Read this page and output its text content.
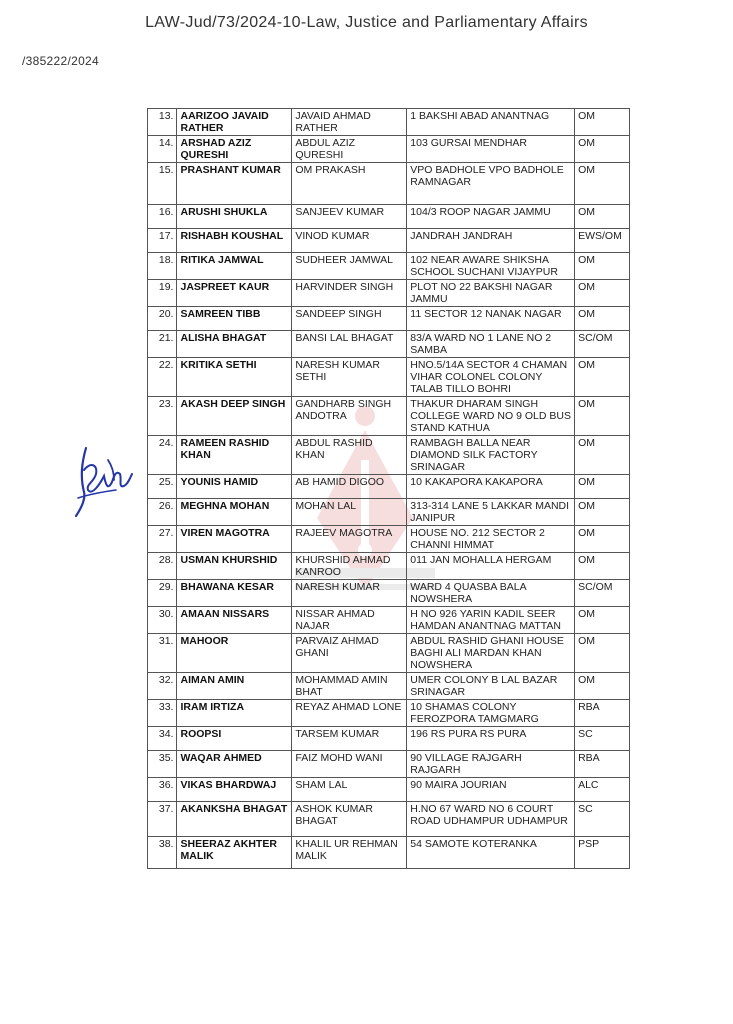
LAW-Jud/73/2024-10-Law, Justice and Parliamentary Affairs
/385222/2024
13.	AARIZOO JAVAID RATHER	JAVAID AHMAD RATHER	1 BAKSHI ABAD ANANTNAG	OM
14.	ARSHAD AZIZ QURESHI	ABDUL AZIZ QURESHI	103 GURSAI MENDHAR	OM
15.	PRASHANT KUMAR	OM PRAKASH	VPO BADHOLE VPO BADHOLE RAMNAGAR	OM
16.	ARUSHI SHUKLA	SANJEEV KUMAR	104/3 ROOP NAGAR JAMMU	OM
17.	RISHABH KOUSHAL	VINOD KUMAR	JANDRAH JANDRAH	EWS/OM
18.	RITIKA JAMWAL	SUDHEER JAMWAL	102 NEAR AWARE SHIKSHA SCHOOL SUCHANI VIJAYPUR	OM
19.	JASPREET KAUR	HARVINDER SINGH	PLOT NO 22 BAKSHI NAGAR JAMMU	OM
20.	SAMREEN TIBB	SANDEEP SINGH	11 SECTOR 12 NANAK NAGAR	OM
21.	ALISHA BHAGAT	BANSI LAL BHAGAT	83/A WARD NO 1 LANE NO 2 SAMBA	SC/OM
22.	KRITIKA SETHI	NARESH KUMAR SETHI	HNO.5/14A SECTOR 4 CHAMAN VIHAR COLONEL COLONY TALAB TILLO BOHRI	OM
23.	AKASH DEEP SINGH	GANDHARB SINGH ANDOTRA	THAKUR DHARAM SINGH COLLEGE WARD NO 9 OLD BUS STAND KATHUA	OM
24.	RAMEEN RASHID KHAN	ABDUL RASHID KHAN	RAMBAGH BALLA NEAR DIAMOND SILK FACTORY SRINAGAR	OM
25.	YOUNIS HAMID	AB HAMID DIGOO	10 KAKAPORA KAKAPORA	OM
26.	MEGHNA MOHAN	MOHAN LAL	313-314 LANE 5 LAKKAR MANDI JANIPUR	OM
27.	VIREN MAGOTRA	RAJEEV MAGOTRA	HOUSE NO. 212 SECTOR 2 CHANNI HIMMAT	OM
28.	USMAN KHURSHID	KHURSHID AHMAD KANROO	011 JAN MOHALLA HERGAM	OM
29.	BHAWANA KESAR	NARESH KUMAR	WARD 4 QUASBA BALA NOWSHERA	SC/OM
30.	AMAAN NISSARS	NISSAR AHMAD NAJAR	H NO 926 YARIN KADIL SEER HAMDAN ANANTNAG MATTAN	OM
31.	MAHOOR	PARVAIZ AHMAD GHANI	ABDUL RASHID GHANI HOUSE BAGHI ALI MARDAN KHAN NOWSHERA	OM
32.	AIMAN AMIN	MOHAMMAD AMIN BHAT	UMER COLONY B LAL BAZAR SRINAGAR	OM
33.	IRAM IRTIZA	REYAZ AHMAD LONE	10 SHAMAS COLONY FEROZPORA TAMGMARG	RBA
34.	ROOPSI	TARSEM KUMAR	196 RS PURA RS PURA	SC
35.	WAQAR AHMED	FAIZ MOHD WANI	90 VILLAGE RAJGARH RAJGARH	RBA
36.	VIKAS BHARDWAJ	SHAM LAL	90 MAIRA JOURIAN	ALC
37.	AKANKSHA BHAGAT	ASHOK KUMAR BHAGAT	H.NO 67 WARD NO 6 COURT ROAD UDHAMPUR UDHAMPUR	SC
38.	SHEERAZ AKHTER MALIK	KHALIL UR REHMAN MALIK	54 SAMOTE KOTERANKA	PSP
